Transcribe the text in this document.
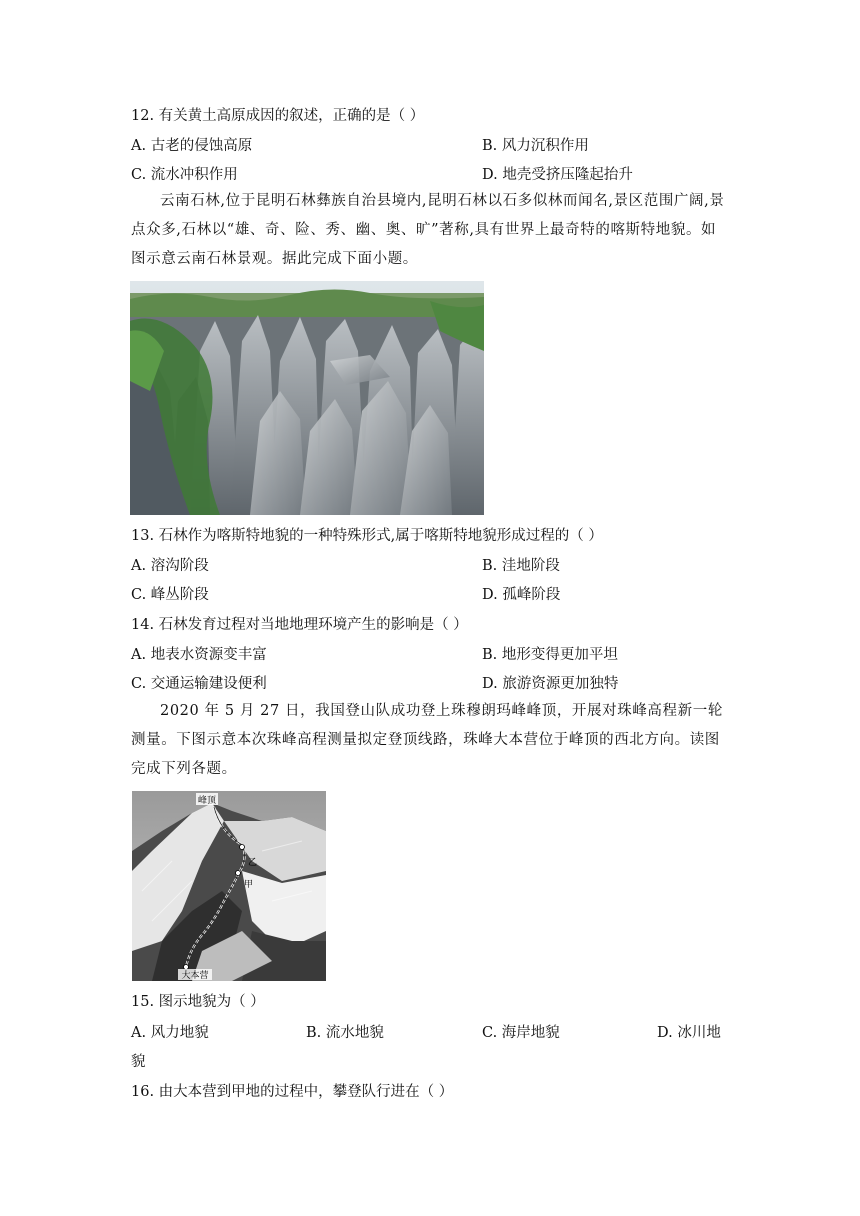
12. 有关黄土高原成因的叙述，正确的是（ ）
A. 古老的侵蚀高原	B. 风力沉积作用
C. 流水冲积作用	D. 地壳受挤压隆起抬升
云南石林,位于昆明石林彝族自治县境内,昆明石林以石多似林而闻名,景区范围广阔,景点众多,石林以“雄、奇、险、秀、幽、奥、旷”著称,具有世界上最奇特的喀斯特地貌。如图示意云南石林景观。据此完成下面小题。
13. 石林作为喀斯特地貌的一种特殊形式,属于喀斯特地貌形成过程的（ ）
A. 溶沟阶段	B. 洼地阶段
C. 峰丛阶段	D. 孤峰阶段
14. 石林发育过程对当地地理环境产生的影响是（ ）
A. 地表水资源变丰富	B. 地形变得更加平坦
C. 交通运输建设便利	D. 旅游资源更加独特
2020 年 5 月 27 日，我国登山队成功登上珠穆朗玛峰峰顶，开展对珠峰高程新一轮测量。下图示意本次珠峰高程测量拟定登顶线路，珠峰大本营位于峰顶的西北方向。读图完成下列各题。
峰顶
乙
甲
大本营
15. 图示地貌为（ ）
A. 风力地貌	B. 流水地貌	C. 海岸地貌	D. 冰川地
貌
16. 由大本营到甲地的过程中，攀登队行进在（ ）
